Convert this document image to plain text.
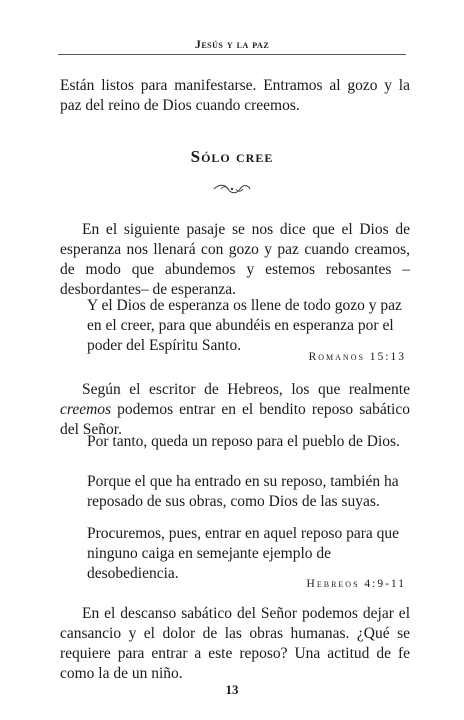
Jesús y la paz

Están listos para manifestarse. Entramos al gozo y la paz del reino de Dios cuando creemos.

Sólo cree

En el siguiente pasaje se nos dice que el Dios de esperanza nos llenará con gozo y paz cuando creamos, de modo que abundemos y estemos rebosantes –desbordantes– de esperanza.

Y el Dios de esperanza os llene de todo gozo y paz en el creer, para que abundéis en esperanza por el poder del Espíritu Santo.

Romanos 15:13

Según el escritor de Hebreos, los que realmente creemos podemos entrar en el bendito reposo sabático del Señor.

Por tanto, queda un reposo para el pueblo de Dios.

Porque el que ha entrado en su reposo, también ha reposado de sus obras, como Dios de las suyas.

Procuremos, pues, entrar en aquel reposo para que ninguno caiga en semejante ejemplo de desobediencia.

Hebreos 4:9-11

En el descanso sabático del Señor podemos dejar el cansancio y el dolor de las obras humanas. ¿Qué se requiere para entrar a este reposo? Una actitud de fe como la de un niño.

13
